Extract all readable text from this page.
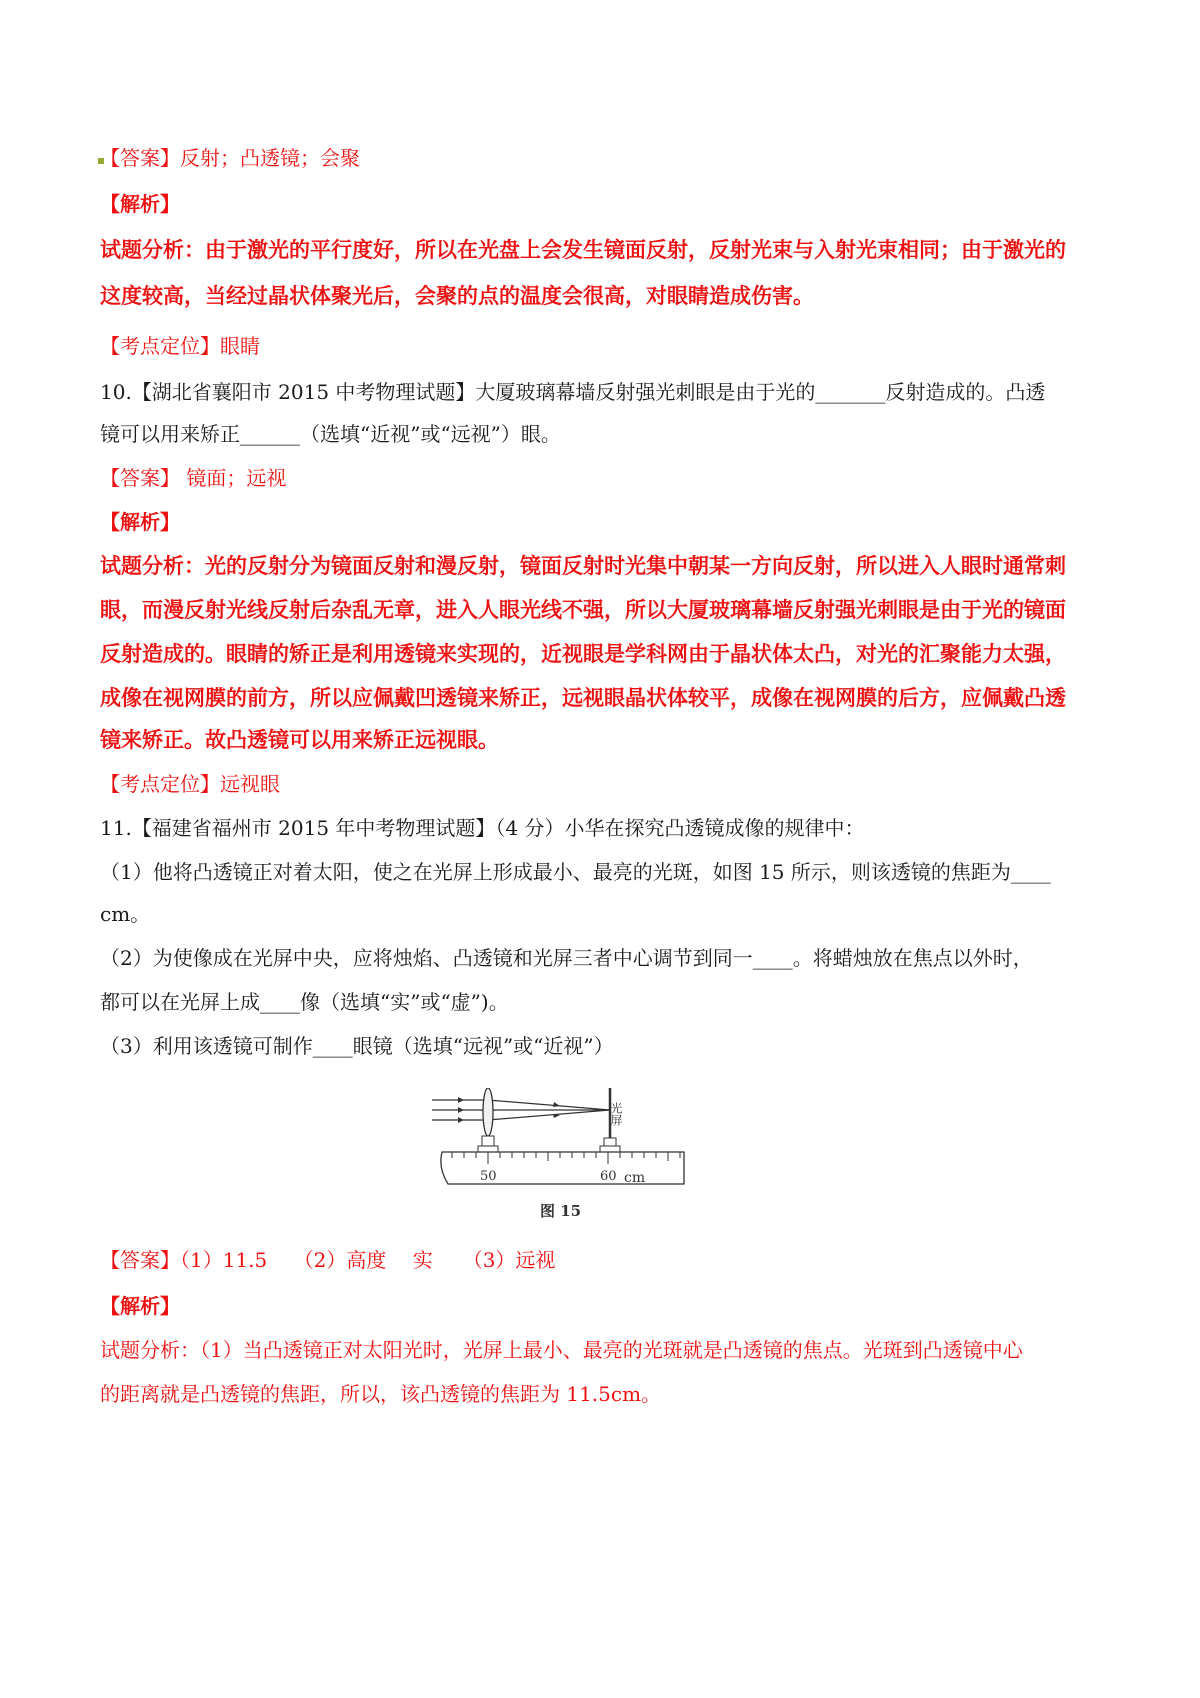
【答案】反射；凸透镜；会聚

【解析】

试题分析：由于激光的平行度好，所以在光盘上会发生镜面反射，反射光束与入射光束相同；由于激光的

这度较高，当经过晶状体聚光后，会聚的点的温度会很高，对眼睛造成伤害。

【考点定位】眼睛

10.【湖北省襄阳市 2015 中考物理试题】大厦玻璃幕墙反射强光刺眼是由于光的_______反射造成的。凸透

镜可以用来矫正______（选填“近视”或“远视”）眼。

【答案】 镜面；远视

【解析】

试题分析：光的反射分为镜面反射和漫反射，镜面反射时光集中朝某一方向反射，所以进入人眼时通常刺

眼，而漫反射光线反射后杂乱无章，进入人眼光线不强，所以大厦玻璃幕墙反射强光刺眼是由于光的镜面

反射造成的。眼睛的矫正是利用透镜来实现的，近视眼是学科网由于晶状体太凸，对光的汇聚能力太强，

成像在视网膜的前方，所以应佩戴凹透镜来矫正，远视眼晶状体较平，成像在视网膜的后方，应佩戴凸透

镜来矫正。故凸透镜可以用来矫正远视眼。

【考点定位】远视眼

11.【福建省福州市 2015 年中考物理试题】（4 分）小华在探究凸透镜成像的规律中：

（1）他将凸透镜正对着太阳，使之在光屏上形成最小、最亮的光斑，如图 15 所示，则该透镜的焦距为____

cm。

（2）为使像成在光屏中央，应将烛焰、凸透镜和光屏三者中心调节到同一____。将蜡烛放在焦点以外时，

都可以在光屏上成____像（选填“实”或“虚”)。

（3）利用该透镜可制作____眼镜（选填“远视”或“近视”）

光屏
50	60 cm
图 15

【答案】（1）11.5　 （2）高度　 实　　（3）远视

【解析】

试题分析：（1）当凸透镜正对太阳光时，光屏上最小、最亮的光斑就是凸透镜的焦点。光斑到凸透镜中心

的距离就是凸透镜的焦距，所以，该凸透镜的焦距为 11.5cm。
